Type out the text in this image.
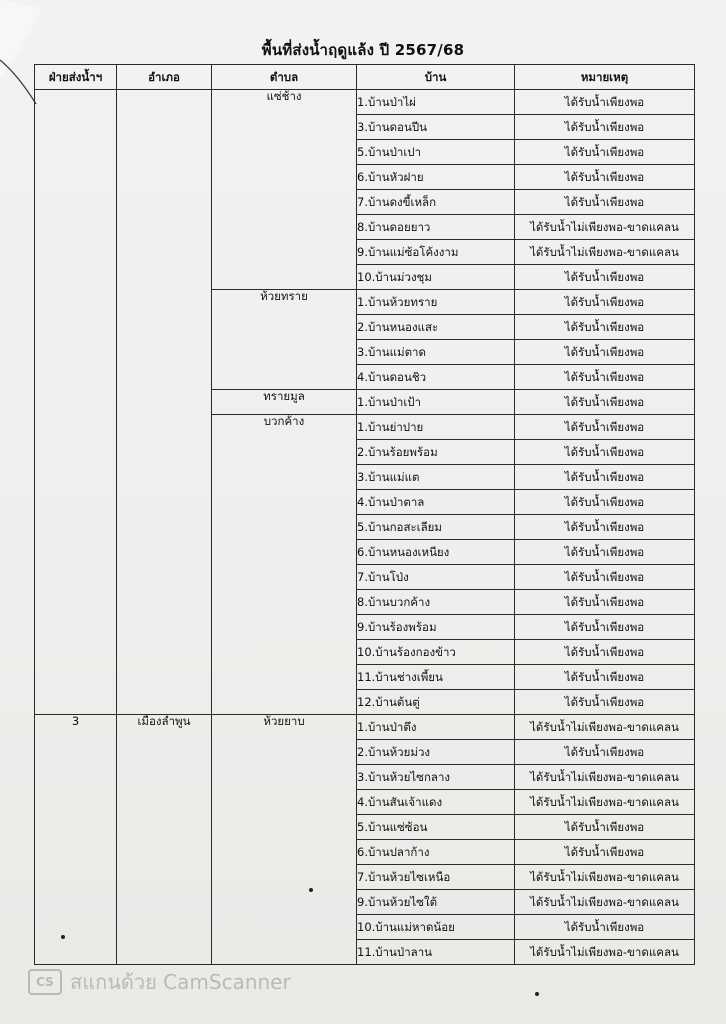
พื้นที่ส่งน้ำฤดูแล้ง ปี 2567/68
ฝ่ายส่งน้ำฯ	อำเภอ	ตำบล	บ้าน	หมายเหตุ
		แซ่ช้าง	1.บ้านป่าไผ่	ได้รับน้ำเพียงพอ
			3.บ้านดอนปีน	ได้รับน้ำเพียงพอ
			5.บ้านป่าเปา	ได้รับน้ำเพียงพอ
			6.บ้านหัวฝาย	ได้รับน้ำเพียงพอ
			7.บ้านดงขี้เหล็ก	ได้รับน้ำเพียงพอ
			8.บ้านดอยยาว	ได้รับน้ำไม่เพียงพอ-ขาดแคลน
			9.บ้านแม่ซ้อโค้งงาม	ได้รับน้ำไม่เพียงพอ-ขาดแคลน
			10.บ้านม่วงชุม	ได้รับน้ำเพียงพอ
		ห้วยทราย	1.บ้านห้วยทราย	ได้รับน้ำเพียงพอ
			2.บ้านหนองแสะ	ได้รับน้ำเพียงพอ
			3.บ้านแม่ตาด	ได้รับน้ำเพียงพอ
			4.บ้านดอนชิว	ได้รับน้ำเพียงพอ
		ทรายมูล	1.บ้านป่าเป้า	ได้รับน้ำเพียงพอ
		บวกค้าง	1.บ้านย่าปาย	ได้รับน้ำเพียงพอ
			2.บ้านร้อยพร้อม	ได้รับน้ำเพียงพอ
			3.บ้านแม่แต	ได้รับน้ำเพียงพอ
			4.บ้านป่าตาล	ได้รับน้ำเพียงพอ
			5.บ้านกอสะเลียม	ได้รับน้ำเพียงพอ
			6.บ้านหนองเหนียง	ได้รับน้ำเพียงพอ
			7.บ้านโป่ง	ได้รับน้ำเพียงพอ
			8.บ้านบวกค้าง	ได้รับน้ำเพียงพอ
			9.บ้านร้องพร้อม	ได้รับน้ำเพียงพอ
			10.บ้านร้องกองข้าว	ได้รับน้ำเพียงพอ
			11.บ้านช่างเพี้ยน	ได้รับน้ำเพียงพอ
			12.บ้านต้นตู่	ได้รับน้ำเพียงพอ
3	เมืองลำพูน	ห้วยยาบ	1.บ้านป่าตึง	ได้รับน้ำไม่เพียงพอ-ขาดแคลน
			2.บ้านห้วยม่วง	ได้รับน้ำเพียงพอ
			3.บ้านห้วยไซกลาง	ได้รับน้ำไม่เพียงพอ-ขาดแคลน
			4.บ้านสันเจ้าแดง	ได้รับน้ำไม่เพียงพอ-ขาดแคลน
			5.บ้านแซ่ซ้อน	ได้รับน้ำเพียงพอ
			6.บ้านปลาก้าง	ได้รับน้ำเพียงพอ
			7.บ้านห้วยไซเหนือ	ได้รับน้ำไม่เพียงพอ-ขาดแคลน
			9.บ้านห้วยไซใต้	ได้รับน้ำไม่เพียงพอ-ขาดแคลน
			10.บ้านแม่หาดน้อย	ได้รับน้ำเพียงพอ
			11.บ้านป่าลาน	ได้รับน้ำไม่เพียงพอ-ขาดแคลน
CS สแกนด้วย CamScanner
